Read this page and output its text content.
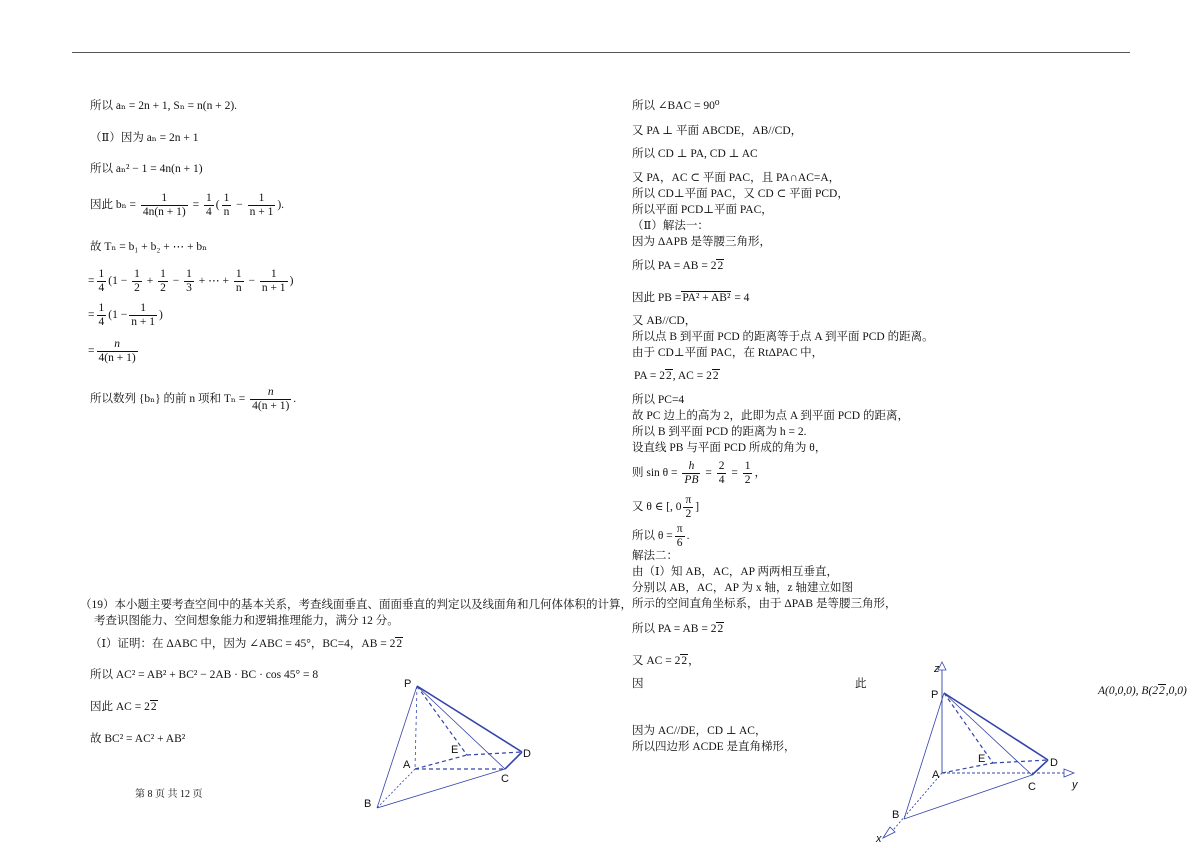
所以 aₙ = 2n + 1, Sₙ = n(n + 2).
（Ⅱ）因为 aₙ = 2n + 1
所以 aₙ² − 1 = 4n(n + 1)
因此 $b_n = \frac{1}{4n(n + 1)} = \frac{1}{4}$ ( $\frac{1}{n} - \frac{1}{n + 1}$ ).
故 Tₙ = b₁ + b₂ + ⋯ + bₙ
= $\frac{1}{4} (1 - \frac{1}{2} + \frac{1}{2} - \frac{1}{3}$ + ⋯ + $\frac{1}{n} - \frac{1}{n + 1}$ )
= $\frac{1}{4} (1 - \frac{1}{n + 1}$ )
= $\frac{n}{4(n + 1)}$
所以数列 {bₙ} 的前 n 项和 $T_n = \frac{n}{4(n + 1)}$ .
（19）本小题主要考查空间中的基本关系，考查线面垂直、面面垂直的判定以及线面角和几何体体积的计算，
考查识图能力、空间想象能力和逻辑推理能力，满分 12 分。
（Ⅰ）证明：在 ΔABC 中，因为 ∠ABC = 45°，BC=4，AB = 22
所以 AC² = AB² + BC² − 2AB · BC · cos 45° = 8
因此 AC = 22
故 BC² = AC² + AB²
第 8 页 共 12 页
P
A
B
C
D
E
所以 ∠BAC = 90⁰
又 PA ⊥ 平面 ABCDE，AB//CD，
所以 CD ⊥ PA, CD ⊥ AC
又 PA，AC ⊂ 平面 PAC，且 PA∩AC=A，
所以 CD⊥平面 PAC，又 CD ⊂ 平面 PCD，
所以平面 PCD⊥平面 PAC，
（Ⅱ）解法一：
因为 ΔAPB 是等腰三角形，
所以 PA = AB = 22
因此 PB =PA² + AB² = 4
又 AB//CD，
所以点 B 到平面 PCD 的距离等于点 A 到平面 PCD 的距离。
由于 CD⊥平面 PAC，在 RtΔPAC 中，
PA = 22, AC = 22
所以 PC=4
故 PC 边上的高为 2，此即为点 A 到平面 PCD 的距离，
所以 B 到平面 PCD 的距离为 h = 2.
设直线 PB 与平面 PCD 所成的角为 θ，
则 $\sin \theta = \frac{h}{PB} = \frac{2}{4} = \frac{1}{2}$ ，
又 θ ∈ [, $0 \frac{\pi}{2}$ ]
所以 $\theta = \frac{\pi}{6}$ .
解法二：
由（Ⅰ）知 AB，AC，AP 两两相互垂直，
分别以 AB，AC，AP 为 x 轴，z 轴建立如图
所示的空间直角坐标系，由于 ΔPAB 是等腰三角形，
所以 PA = AB = 22
又 AC = 22，
因	此
A(0,0,0), B(22,0,0)
因为 AC//DE，CD ⊥ AC，
所以四边形 ACDE 是直角梯形，
z
y
x
P
A
B
C
D
E
